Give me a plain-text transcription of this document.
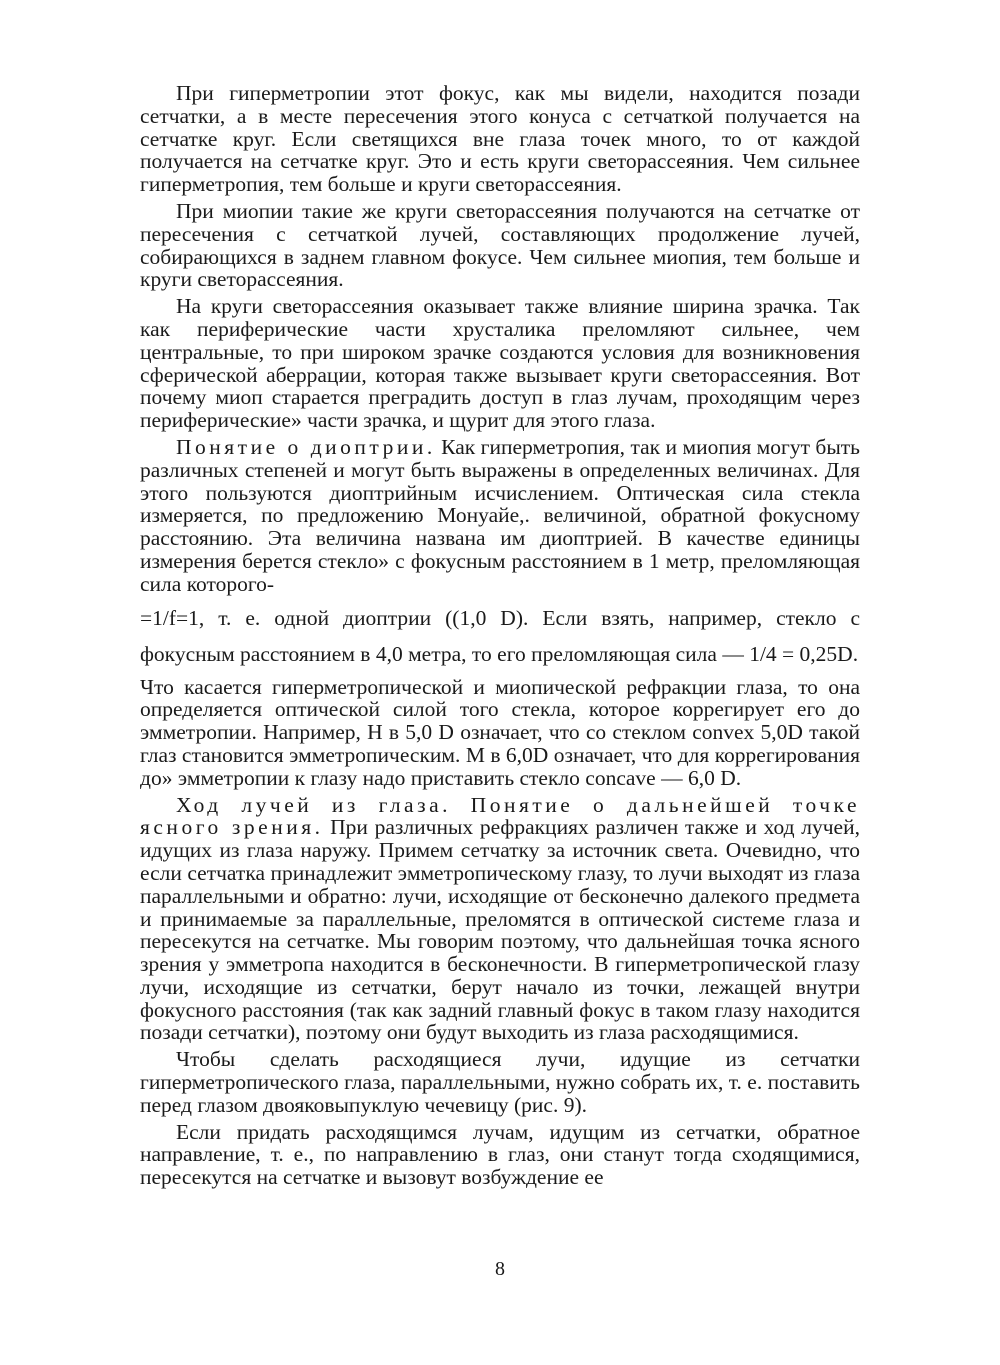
При гиперметропии этот фокус, как мы видели, находится позади сетчатки, а в месте пересечения этого конуса с сетчаткой получается на сетчатке круг. Если светящихся вне глаза точек много, то от каждой получается на сетчатке круг. Это и есть круги светорассеяния. Чем сильнее гиперметропия, тем больше и круги светорассеяния.

При миопии такие же круги светорассеяния получаются на сетчатке от пересечения с сетчаткой лучей, составляющих продолжение лучей, собирающихся в заднем главном фокусе. Чем сильнее миопия, тем больше и круги светорассеяния.

На круги светорассеяния оказывает также влияние ширина зрачка. Так как периферические части хрусталика преломляют сильнее, чем центральные, то при широком зрачке создаются условия для возникновения сферической аберрации, которая также вызывает круги светорассеяния. Вот почему миоп старается преградить доступ в глаз лучам, проходящим через периферические» части зрачка, и щурит для этого глаза.

Понятие о диоптрии. Как гиперметропия, так и миопия могут быть различных степеней и могут быть выражены в определенных величинах. Для этого пользуются диоптрийным исчислением. Оптическая сила стекла измеряется, по предложению Монуайе,. величиной, обратной фокусному расстоянию. Эта величина названа им диоптрией. В качестве единицы измерения берется стекло» с фокусным расстоянием в 1 метр, преломляющая сила которого-

=1/f=1, т. е. одной диоптрии ((1,0 D). Если взять, например, стекло с фокусным расстоянием в 4,0 метра, то его преломляющая сила — 1/4 = 0,25D.

Что касается гиперметропической и миопической рефракции глаза, то она определяется оптической силой того стекла, которое коррегирует его до эмметропии. Например, Н в 5,0 D означает, что со стеклом convex 5,0D такой глаз становится эмметропическим. М в 6,0D означает, что для коррегирования до» эмметропии к глазу надо приставить стекло concave — 6,0 D.

Ход лучей из глаза. Понятие о дальнейшей точке ясного зрения. При различных рефракциях различен также и ход лучей, идущих из глаза наружу. Примем сетчатку за источник света. Очевидно, что если сетчатка принадлежит эмметропическому глазу, то лучи выходят из глаза параллельными и обратно: лучи, исходящие от бесконечно далекого предмета и принимаемые за параллельные, преломятся в оптической системе глаза и пересекутся на сетчатке. Мы говорим поэтому, что дальнейшая точка ясного зрения у эмметропа находится в бесконечности. В гиперметропической глазу лучи, исходящие из сетчатки, берут начало из точки, лежащей внутри фокусного расстояния (так как задний главный фокус в таком глазу находится позади сетчатки), поэтому они будут выходить из глаза расходящимися.

Чтобы сделать расходящиеся лучи, идущие из сетчатки гиперметропического глаза, параллельными, нужно собрать их, т. е. поставить перед глазом двояковыпуклую чечевицу (рис. 9).

Если придать расходящимся лучам, идущим из сетчатки, обратное направление, т. е., по направлению в глаз, они станут тогда сходящимися, пересекутся на сетчатке и вызовут возбуждение ее

8
